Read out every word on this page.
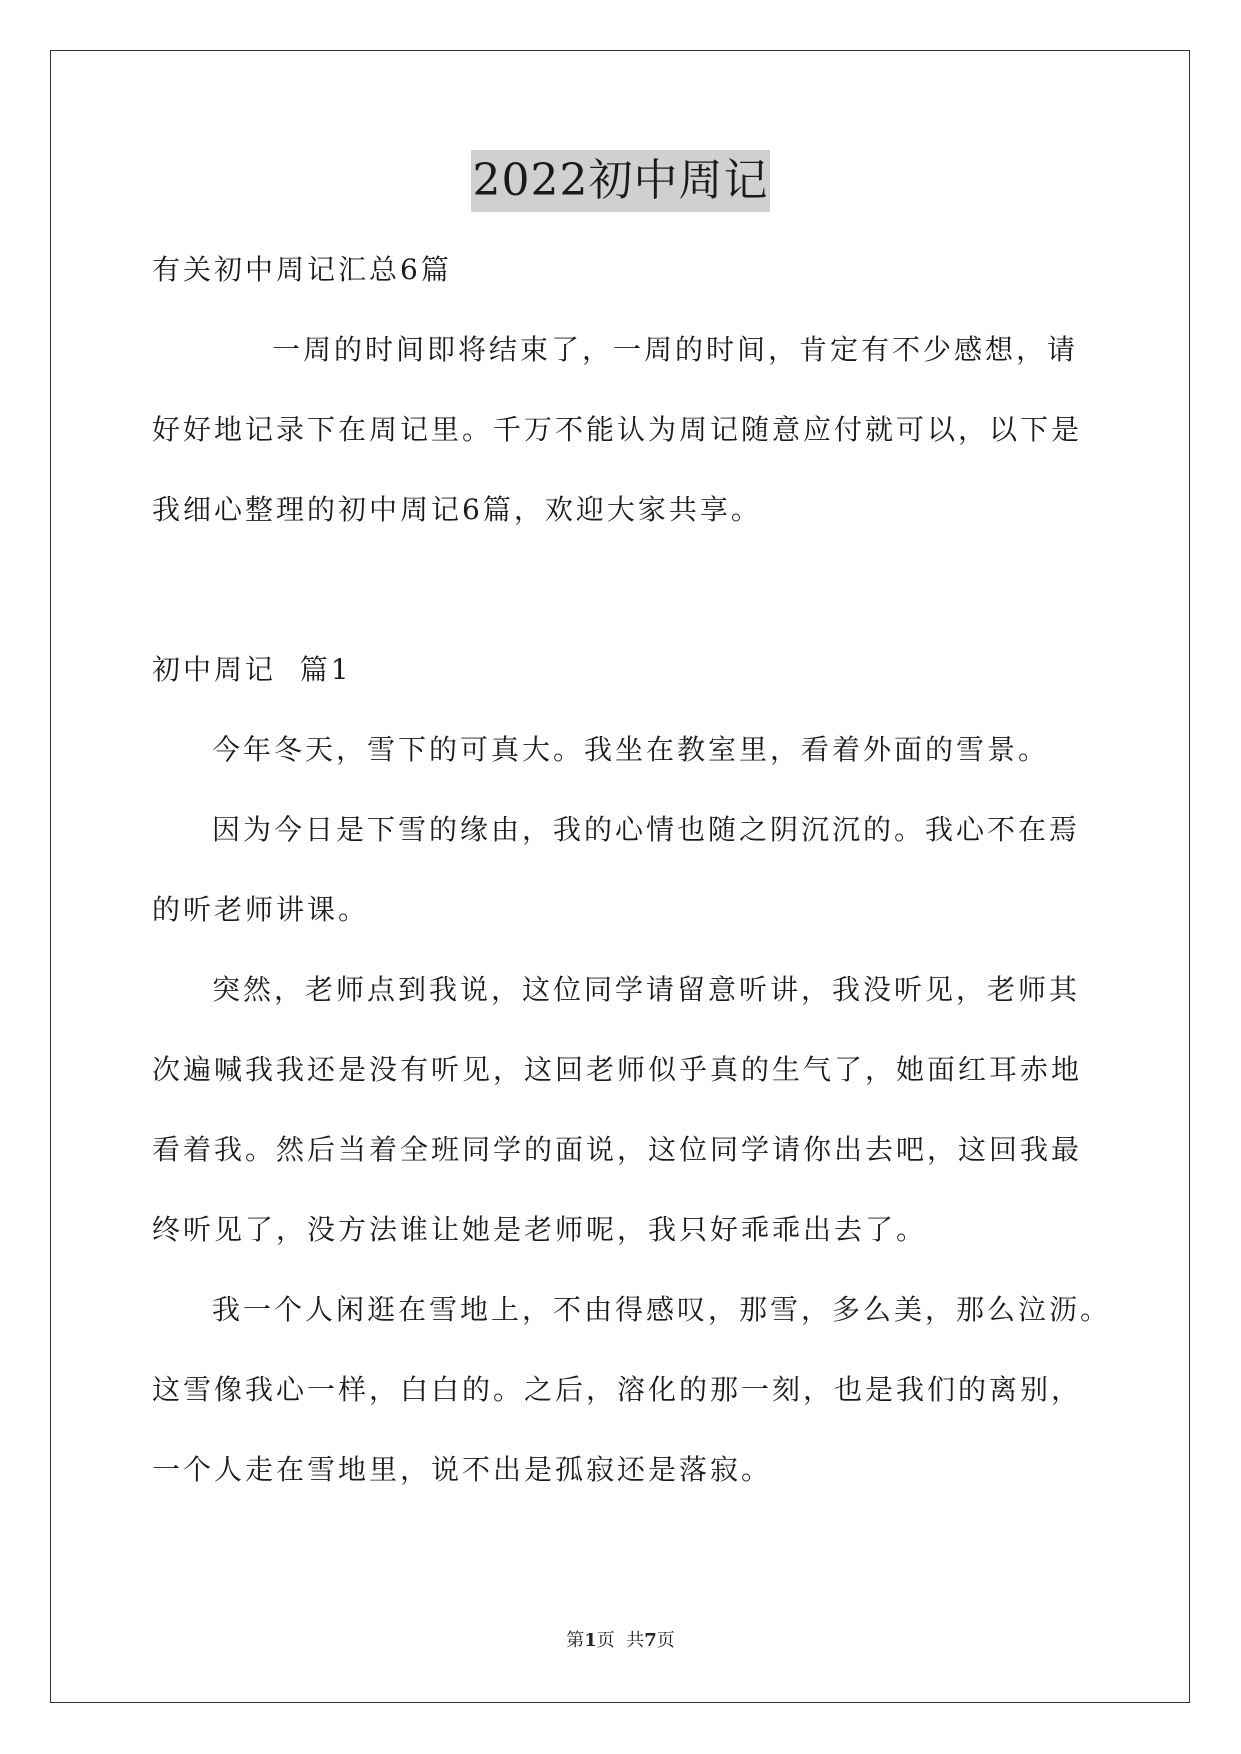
2022初中周记
有关初中周记汇总6篇
一周的时间即将结束了，一周的时间，肯定有不少感想，请
好好地记录下在周记里。千万不能认为周记随意应付就可以，以下是
我细心整理的初中周记6篇，欢迎大家共享。
初中周记  篇1
今年冬天，雪下的可真大。我坐在教室里，看着外面的雪景。
因为今日是下雪的缘由，我的心情也随之阴沉沉的。我心不在焉
的听老师讲课。
突然，老师点到我说，这位同学请留意听讲，我没听见，老师其
次遍喊我我还是没有听见，这回老师似乎真的生气了，她面红耳赤地
看着我。然后当着全班同学的面说，这位同学请你出去吧，这回我最
终听见了，没方法谁让她是老师呢，我只好乖乖出去了。
我一个人闲逛在雪地上，不由得感叹，那雪，多么美，那么泣沥。
这雪像我心一样，白白的。之后，溶化的那一刻，也是我们的离别，
一个人走在雪地里，说不出是孤寂还是落寂。
第1页  共7页
